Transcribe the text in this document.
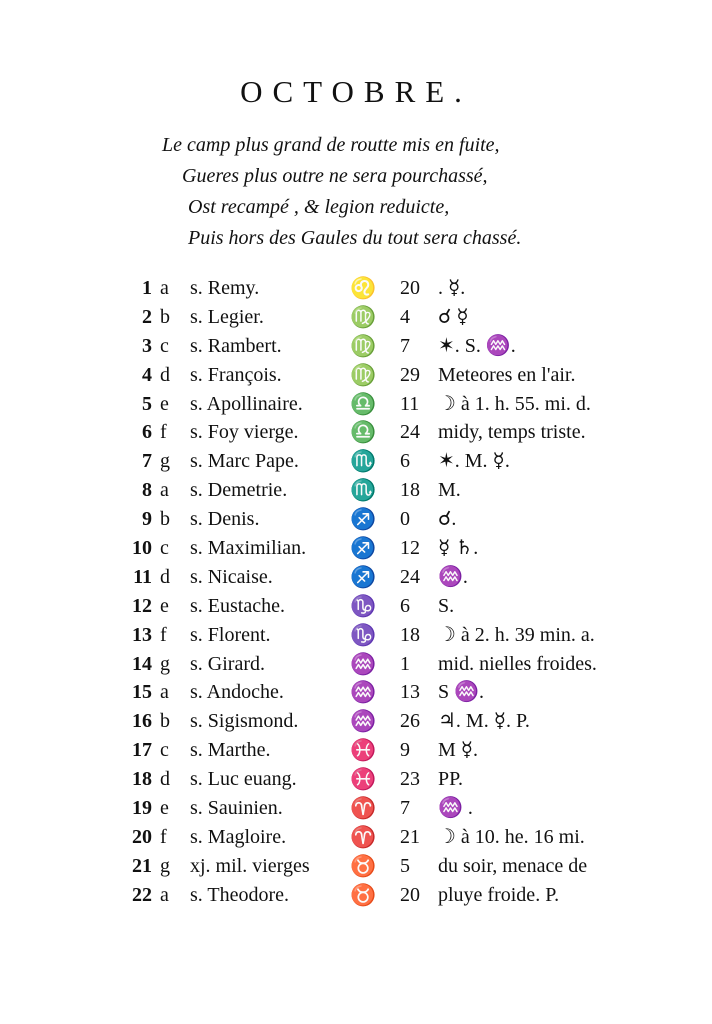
OCTOBRE.
Le camp plus grand de routte mis en fuite,
Gueres plus outre ne sera pourchassé,
Ost recampé , & legion reduicte,
Puis hors des Gaules du tout sera chassé.
1 a	s. Remy.	♌ 20 . ☿.
2 b	s. Legier.	♍ 4 ☌ ☿
3 c	s. Rambert.	♍ 7 ✶. S. ♒.
4 d	s. François.	♍ 29 Meteores en l'air.
5 e	s. Apollinaire. ♎ 11 ☽ à 1. h. 55. mi. d.
6 f	s. Foy vierge. ♎ 24 midy, temps triste.
7 g	s. Marc Pape. ♏ 6 ✶. M. ☿.
8 a	s. Demetrie.	♏ 18 M.
9 b	s. Denis.	♐ 0 ☌.
10 c	s. Maximilian. ♐ 12 ☿ ♄.
11 d	s. Nicaise.	♐ 24 ♒.
12 e	s. Eustache.	♑ 6 S.
13 f	s. Florent.	♑ 18 ☽ à 2. h. 39 min. a.
14 g	s. Girard.	♒ 1 mid. nielles froides.
15 a	s. Andoche.	♒ 13 S ♒.
16 b	s. Sigismond. ♒ 26 ♃. M. ☿. P.
17 c	s. Marthe.	♓ 9 M ☿.
18 d	s. Luc euang.	♓ 23 PP.
19 e	s. Sauinien.	♈ 7 ♒ .
20 f	s. Magloire.	♈ 21 ☽ à 10. he. 16 mi.
21 g	xj. mil. vierges ♉ 5 du soir, menace de
22 a	s. Theodore.	♉ 20 pluye froide. P.
